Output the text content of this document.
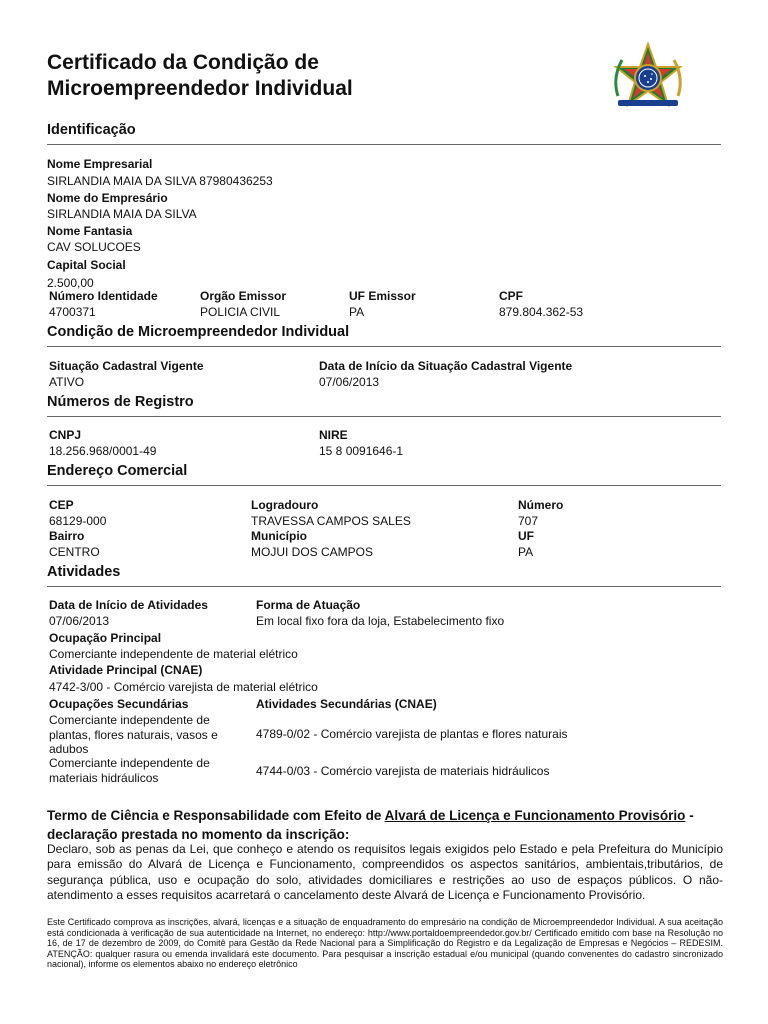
Certificado da Condição de
Microempreendedor Individual
Identificação
Nome Empresarial
SIRLANDIA MAIA DA SILVA 87980436253
Nome do Empresário
SIRLANDIA MAIA DA SILVA
Nome Fantasia
CAV SOLUCOES
Capital Social
2.500,00
Número Identidade
4700371
Orgão Emissor
POLICIA CIVIL
UF Emissor
PA
CPF
879.804.362-53
Condição de Microempreendedor Individual
Situação Cadastral Vigente
ATIVO
Data de Início da Situação Cadastral Vigente
07/06/2013
Números de Registro
CNPJ
18.256.968/0001-49
NIRE
15 8 0091646-1
Endereço Comercial
CEP
68129-000
Logradouro
TRAVESSA CAMPOS SALES
Número
707
Bairro
CENTRO
Município
MOJUI DOS CAMPOS
UF
PA
Atividades
Data de Início de Atividades
07/06/2013
Forma de Atuação
Em local fixo fora da loja, Estabelecimento fixo
Ocupação Principal
Comerciante independente de material elétrico
Atividade Principal (CNAE)
4742-3/00 - Comércio varejista de material elétrico
Ocupações Secundárias	Atividades Secundárias (CNAE)
Comerciante independente de plantas, flores naturais, vasos e adubos
4789-0/02 - Comércio varejista de plantas e flores naturais
Comerciante independente de materiais hidráulicos	4744-0/03 - Comércio varejista de materiais hidráulicos
Termo de Ciência e Responsabilidade com Efeito de Alvará de Licença e Funcionamento Provisório - declaração prestada no momento da inscrição:
Declaro, sob as penas da Lei, que conheço e atendo os requisitos legais exigidos pelo Estado e pela Prefeitura do Município para emissão do Alvará de Licença e Funcionamento, compreendidos os aspectos sanitários, ambientais,tributários, de segurança pública, uso e ocupação do solo, atividades domiciliares e restrições ao uso de espaços públicos. O não-atendimento a esses requisitos acarretará o cancelamento deste Alvará de Licença e Funcionamento Provisório.
Este Certificado comprova as inscrições, alvará, licenças e a situação de enquadramento do empresário na condição de Microempreendedor Individual. A sua aceitação está condicionada à verificação de sua autenticidade na Internet, no endereço: http://www.portaldoempreendedor.gov.br/ Certificado emitido com base na Resolução no 16, de 17 de dezembro de 2009, do Comitê para Gestão da Rede Nacional para a Simplificação do Registro e da Legalização de Empresas e Negócios – REDESIM. ATENÇÃO: qualquer rasura ou emenda invalidará este documento. Para pesquisar a inscrição estadual e/ou municipal (quando convenentes do cadastro sincronizado nacional), informe os elementos abaixo no endereço eletrônico
